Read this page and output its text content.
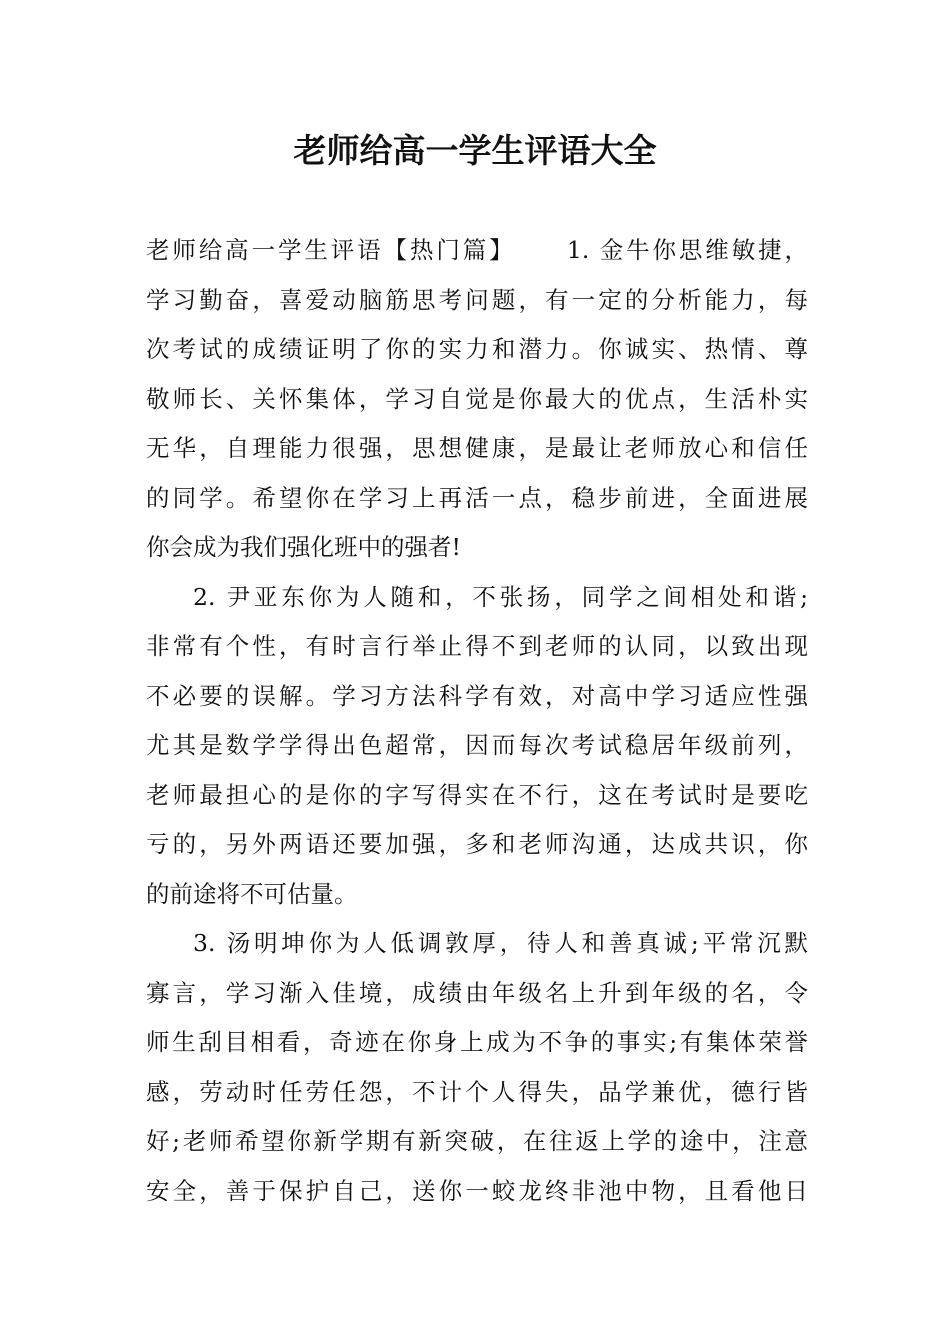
老师给高一学生评语大全
老师给高一学生评语【热门篇】　　 1. 金牛你思维敏捷，
学习勤奋，喜爱动脑筋思考问题，有一定的分析能力，每
次考试的成绩证明了你的实力和潜力。你诚实、热情、尊
敬师长、关怀集体，学习自觉是你最大的优点，生活朴实
无华，自理能力很强，思想健康，是最让老师放心和信任
的同学。希望你在学习上再活一点，稳步前进，全面进展
你会成为我们强化班中的强者!
2. 尹亚东你为人随和，不张扬，同学之间相处和谐;
非常有个性，有时言行举止得不到老师的认同，以致出现
不必要的误解。学习方法科学有效，对高中学习适应性强
尤其是数学学得出色超常，因而每次考试稳居年级前列，
老师最担心的是你的字写得实在不行，这在考试时是要吃
亏的，另外两语还要加强，多和老师沟通，达成共识，你
的前途将不可估量。
3. 汤明坤你为人低调敦厚，待人和善真诚;平常沉默
寡言，学习渐入佳境，成绩由年级名上升到年级的名，令
师生刮目相看，奇迹在你身上成为不争的事实;有集体荣誉
感，劳动时任劳任怨，不计个人得失，品学兼优，德行皆
好;老师希望你新学期有新突破，在往返上学的途中，注意
安全，善于保护自己，送你一蛟龙终非池中物，且看他日
